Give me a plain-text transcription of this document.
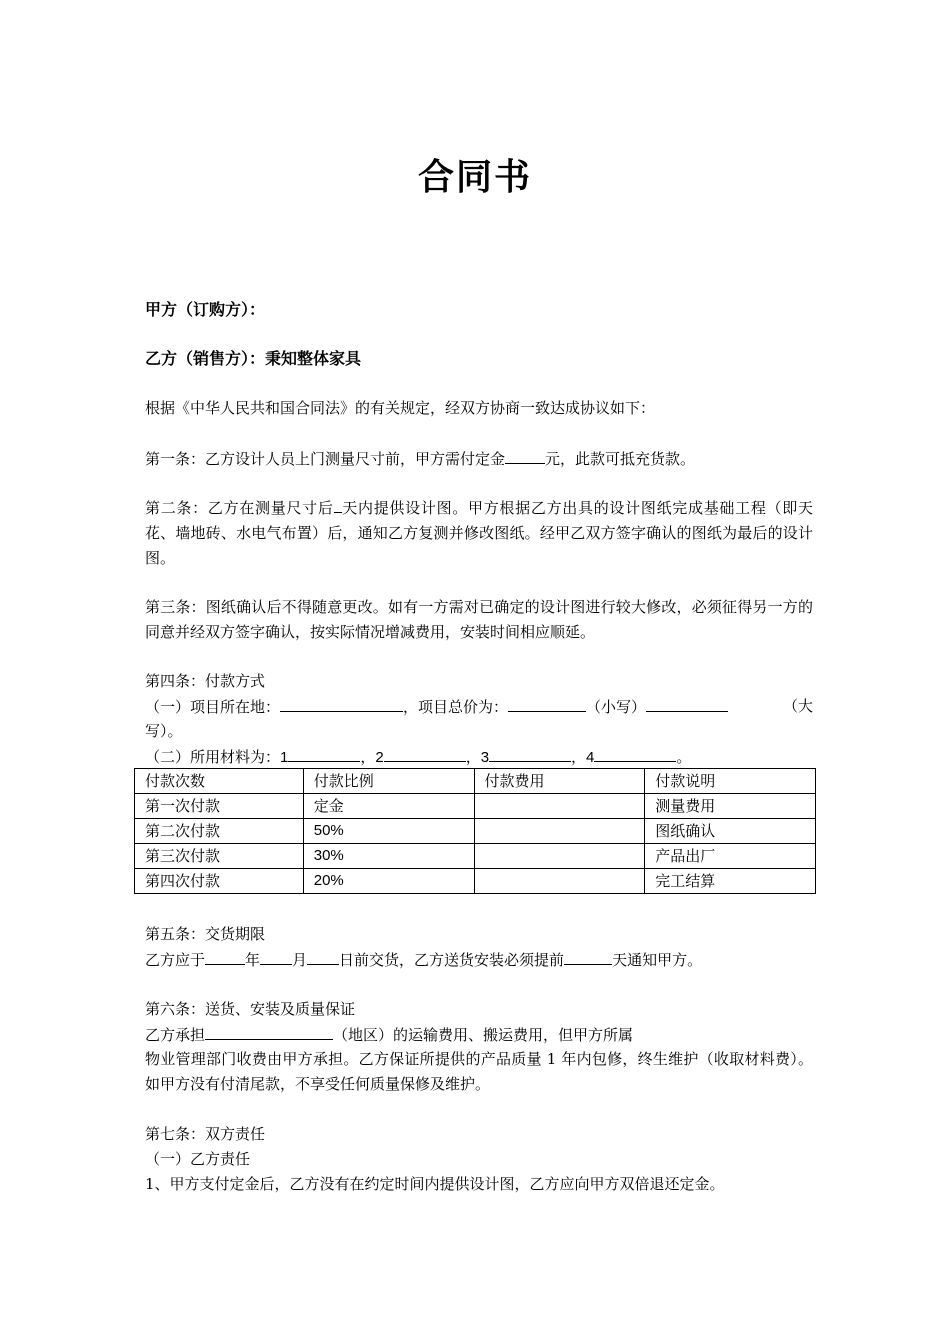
合同书

甲方（订购方）：

乙方（销售方）：秉知整体家具

根据《中华人民共和国合同法》的有关规定，经双方协商一致达成协议如下：

第一条：乙方设计人员上门测量尺寸前，甲方需付定金	元，此款可抵充货款。

第二条：乙方在测量尺寸后 天内提供设计图。甲方根据乙方出具的设计图纸完成基础工程（即天花、墙地砖、水电气布置）后，通知乙方复测并修改图纸。经甲乙双方签字确认的图纸为最后的设计图。

第三条：图纸确认后不得随意更改。如有一方需对已确定的设计图进行较大修改，必须征得另一方的同意并经双方签字确认，按实际情况增减费用，安装时间相应顺延。

第四条：付款方式

（一）项目所在地：	，项目总价为：	（小写）	（大

写）。

（二）所用材料为：1	，2	，3	，4	。

付款次数	付款比例	付款费用	付款说明
第一次付款	定金		测量费用
第二次付款	50%		图纸确认
第三次付款	30%		产品出厂
第四次付款	20%		完工结算

第五条：交货期限

乙方应于	年 月 日前交货，乙方送货安装必须提前	天通知甲方。

第六条：送货、安装及质量保证

乙方承担	（地区）的运输费用、搬运费用，但甲方所属

物业管理部门收费由甲方承担。乙方保证所提供的产品质量 1 年内包修，终生维护（收取材料费）。如甲方没有付清尾款，不享受任何质量保修及维护。

第七条：双方责任

（一）乙方责任

1、甲方支付定金后，乙方没有在约定时间内提供设计图，乙方应向甲方双倍退还定金。
